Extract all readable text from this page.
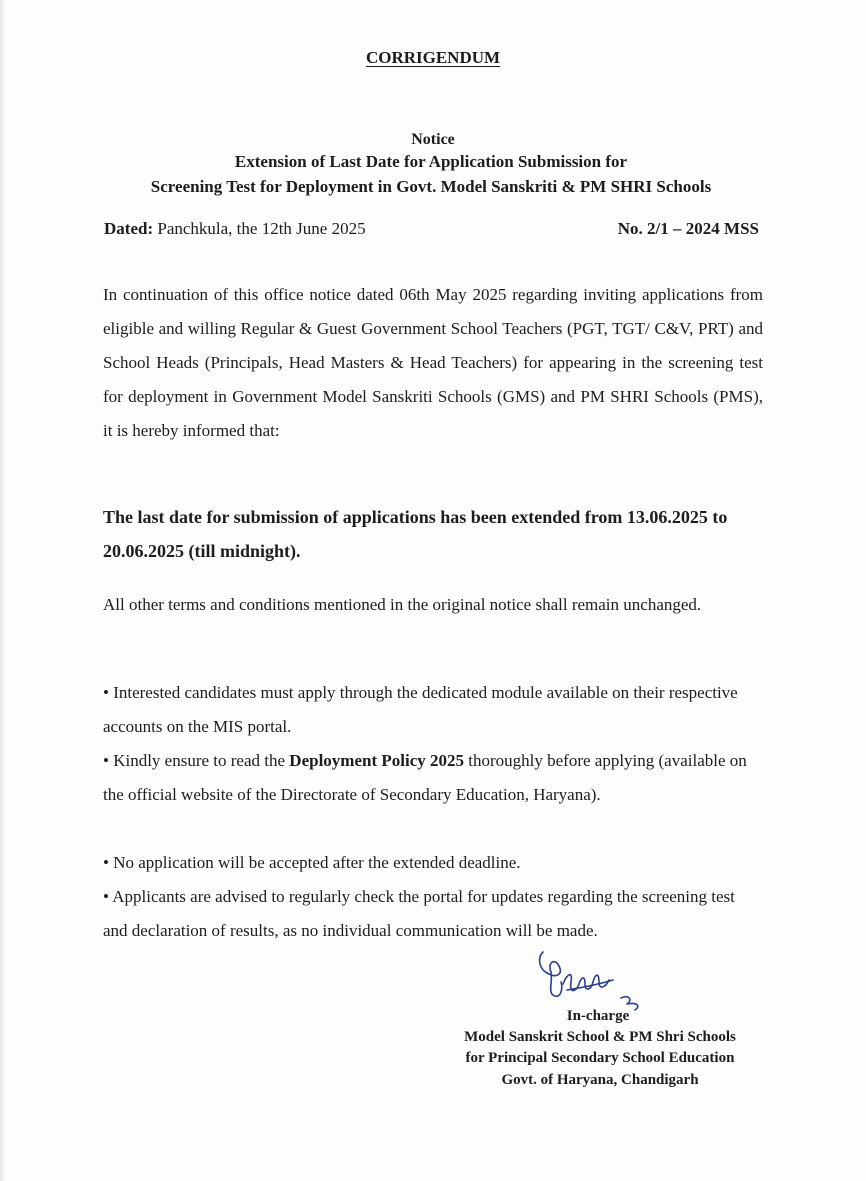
CORRIGENDUM
Notice
Extension of Last Date for Application Submission for
Screening Test for Deployment in Govt. Model Sanskriti & PM SHRI Schools
Dated: Panchkula, the 12th June 2025	No. 2/1 – 2024 MSS
In continuation of this office notice dated 06th May 2025 regarding inviting applications from eligible and willing Regular & Guest Government School Teachers (PGT, TGT/ C&V, PRT) and School Heads (Principals, Head Masters & Head Teachers) for appearing in the screening test for deployment in Government Model Sanskriti Schools (GMS) and PM SHRI Schools (PMS), it is hereby informed that:
The last date for submission of applications has been extended from 13.06.2025 to 20.06.2025 (till midnight).
All other terms and conditions mentioned in the original notice shall remain unchanged.
• Interested candidates must apply through the dedicated module available on their respective accounts on the MIS portal.
• Kindly ensure to read the Deployment Policy 2025 thoroughly before applying (available on the official website of the Directorate of Secondary Education, Haryana).
• No application will be accepted after the extended deadline.
• Applicants are advised to regularly check the portal for updates regarding the screening test and declaration of results, as no individual communication will be made.
In-charge
Model Sanskrit School & PM Shri Schools
for Principal Secondary School Education
Govt. of Haryana, Chandigarh
